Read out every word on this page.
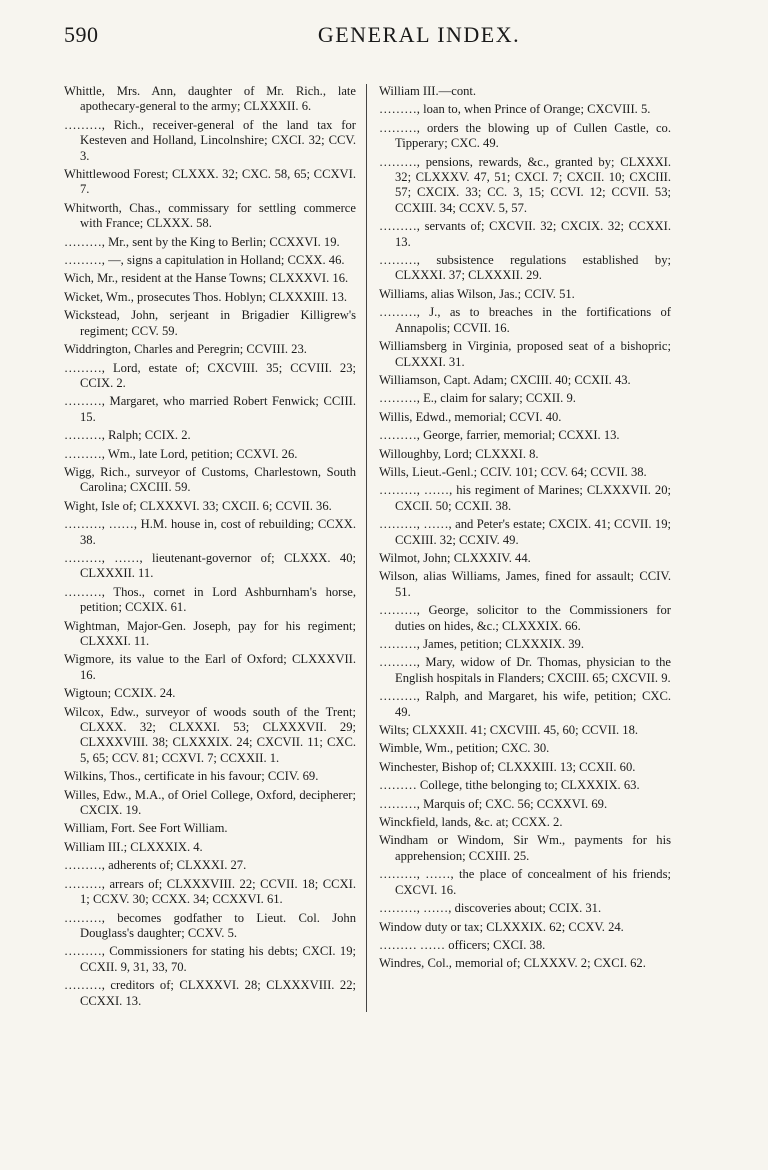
590	GENERAL INDEX.

Whittle, Mrs. Ann, daughter of Mr. Rich., late apothecary-general to the army; CLXXXII. 6.

………, Rich., receiver-general of the land tax for Kesteven and Holland, Lincolnshire; CXCI. 32; CCV. 3.

Whittlewood Forest; CLXXX. 32; CXC. 58, 65; CCXVI. 7.

Whitworth, Chas., commissary for settling commerce with France; CLXXX. 58.

………, Mr., sent by the King to Berlin; CCXXVI. 19.

………, —, signs a capitulation in Holland; CCXX. 46.

Wich, Mr., resident at the Hanse Towns; CLXXXVI. 16.

Wicket, Wm., prosecutes Thos. Hoblyn; CLXXXIII. 13.

Wickstead, John, serjeant in Brigadier Killigrew's regiment; CCV. 59.

Widdrington, Charles and Peregrin; CCVIII. 23.

………, Lord, estate of; CXCVIII. 35; CCVIII. 23; CCIX. 2.

………, Margaret, who married Robert Fenwick; CCIII. 15.

………, Ralph; CCIX. 2.

………, Wm., late Lord, petition; CCXVI. 26.

Wigg, Rich., surveyor of Customs, Charlestown, South Carolina; CXCIII. 59.

Wight, Isle of; CLXXXVI. 33; CXCII. 6; CCVII. 36.

………, ……, H.M. house in, cost of rebuilding; CCXX. 38.

………, ……, lieutenant-governor of; CLXXX. 40; CLXXXII. 11.

………, Thos., cornet in Lord Ashburnham's horse, petition; CCXIX. 61.

Wightman, Major-Gen. Joseph, pay for his regiment; CLXXXI. 11.

Wigmore, its value to the Earl of Oxford; CLXXXVII. 16.

Wigtoun; CCXIX. 24.

Wilcox, Edw., surveyor of woods south of the Trent; CLXXX. 32; CLXXXI. 53; CLXXXVII. 29; CLXXXVIII. 38; CLXXXIX. 24; CXCVII. 11; CXC. 5, 65; CCV. 81; CCXVI. 7; CCXXII. 1.

Wilkins, Thos., certificate in his favour; CCIV. 69.

Willes, Edw., M.A., of Oriel College, Oxford, decipherer; CXCIX. 19.

William, Fort. See Fort William.

William III.; CLXXXIX. 4.

………, adherents of; CLXXXI. 27.

………, arrears of; CLXXXVIII. 22; CCVII. 18; CCXI. 1; CCXV. 30; CCXX. 34; CCXXVI. 61.

………, becomes godfather to Lieut. Col. John Douglass's daughter; CCXV. 5.

………, Commissioners for stating his debts; CXCI. 19; CCXII. 9, 31, 33, 70.

………, creditors of; CLXXXVI. 28; CLXXXVIII. 22; CCXXI. 13.

William III.—cont.

………, loan to, when Prince of Orange; CXCVIII. 5.

………, orders the blowing up of Cullen Castle, co. Tipperary; CXC. 49.

………, pensions, rewards, &c., granted by; CLXXXI. 32; CLXXXV. 47, 51; CXCI. 7; CXCII. 10; CXCIII. 57; CXCIX. 33; CC. 3, 15; CCVI. 12; CCVII. 53; CCXIII. 34; CCXV. 5, 57.

………, servants of; CXCVII. 32; CXCIX. 32; CCXXI. 13.

………, subsistence regulations established by; CLXXXI. 37; CLXXXII. 29.

Williams, alias Wilson, Jas.; CCIV. 51.

………, J., as to breaches in the fortifications of Annapolis; CCVII. 16.

Williamsberg in Virginia, proposed seat of a bishopric; CLXXXI. 31.

Williamson, Capt. Adam; CXCIII. 40; CCXII. 43.

………, E., claim for salary; CCXII. 9.

Willis, Edwd., memorial; CCVI. 40.

………, George, farrier, memorial; CCXXI. 13.

Willoughby, Lord; CLXXXI. 8.

Wills, Lieut.-Genl.; CCIV. 101; CCV. 64; CCVII. 38.

………, ……, his regiment of Marines; CLXXXVII. 20; CXCII. 50; CCXII. 38.

………, ……, and Peter's estate; CXCIX. 41; CCVII. 19; CCXIII. 32; CCXIV. 49.

Wilmot, John; CLXXXIV. 44.

Wilson, alias Williams, James, fined for assault; CCIV. 51.

………, George, solicitor to the Commissioners for duties on hides, &c.; CLXXXIX. 66.

………, James, petition; CLXXXIX. 39.

………, Mary, widow of Dr. Thomas, physician to the English hospitals in Flanders; CXCIII. 65; CXCVII. 9.

………, Ralph, and Margaret, his wife, petition; CXC. 49.

Wilts; CLXXXII. 41; CXCVIII. 45, 60; CCVII. 18.

Wimble, Wm., petition; CXC. 30.

Winchester, Bishop of; CLXXXIII. 13; CCXII. 60.

……… College, tithe belonging to; CLXXXIX. 63.

………, Marquis of; CXC. 56; CCXXVI. 69.

Winckfield, lands, &c. at; CCXX. 2.

Windham or Windom, Sir Wm., payments for his apprehension; CCXIII. 25.

………, ……, the place of concealment of his friends; CXCVI. 16.

………, ……, discoveries about; CCIX. 31.

Window duty or tax; CLXXXIX. 62; CCXV. 24.

……… …… officers; CXCI. 38.

Windres, Col., memorial of; CLXXXV. 2; CXCI. 62.
